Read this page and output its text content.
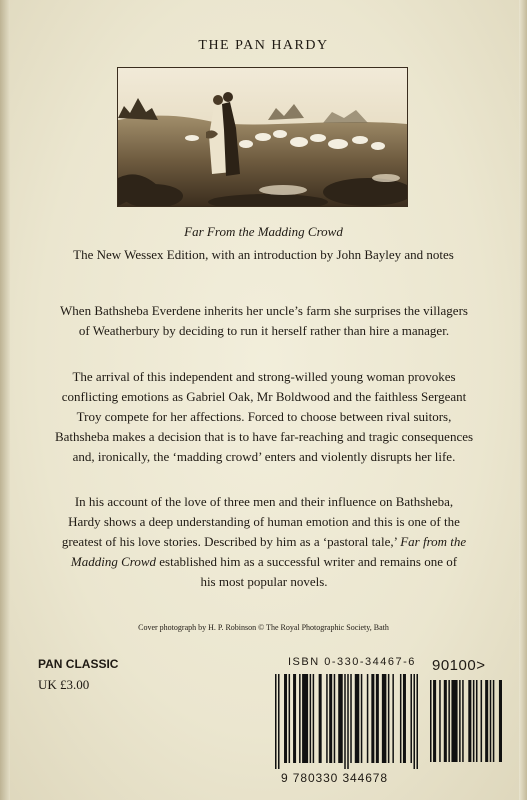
THE PAN HARDY
Far From the Madding Crowd
The New Wessex Edition, with an introduction by John Bayley and notes
When Bathsheba Everdene inherits her uncle’s farm she surprises the villagers
of Weatherbury by deciding to run it herself rather than hire a manager.
The arrival of this independent and strong-willed young woman provokes
conflicting emotions as Gabriel Oak, Mr Boldwood and the faithless Sergeant
Troy compete for her affections. Forced to choose between rival suitors,
Bathsheba makes a decision that is to have far-reaching and tragic consequences
and, ironically, the ‘madding crowd’ enters and violently disrupts her life.
In his account of the love of three men and their influence on Bathsheba,
Hardy shows a deep understanding of human emotion and this is one of the
greatest of his love stories. Described by him as a ‘pastoral tale,’ Far from the
Madding Crowd established him as a successful writer and remains one of
his most popular novels.
Cover photograph by H. P. Robinson © The Royal Photographic Society, Bath
PAN CLASSIC
UK £3.00
ISBN 0-330-34467-6
9 780330 344678
90100>
